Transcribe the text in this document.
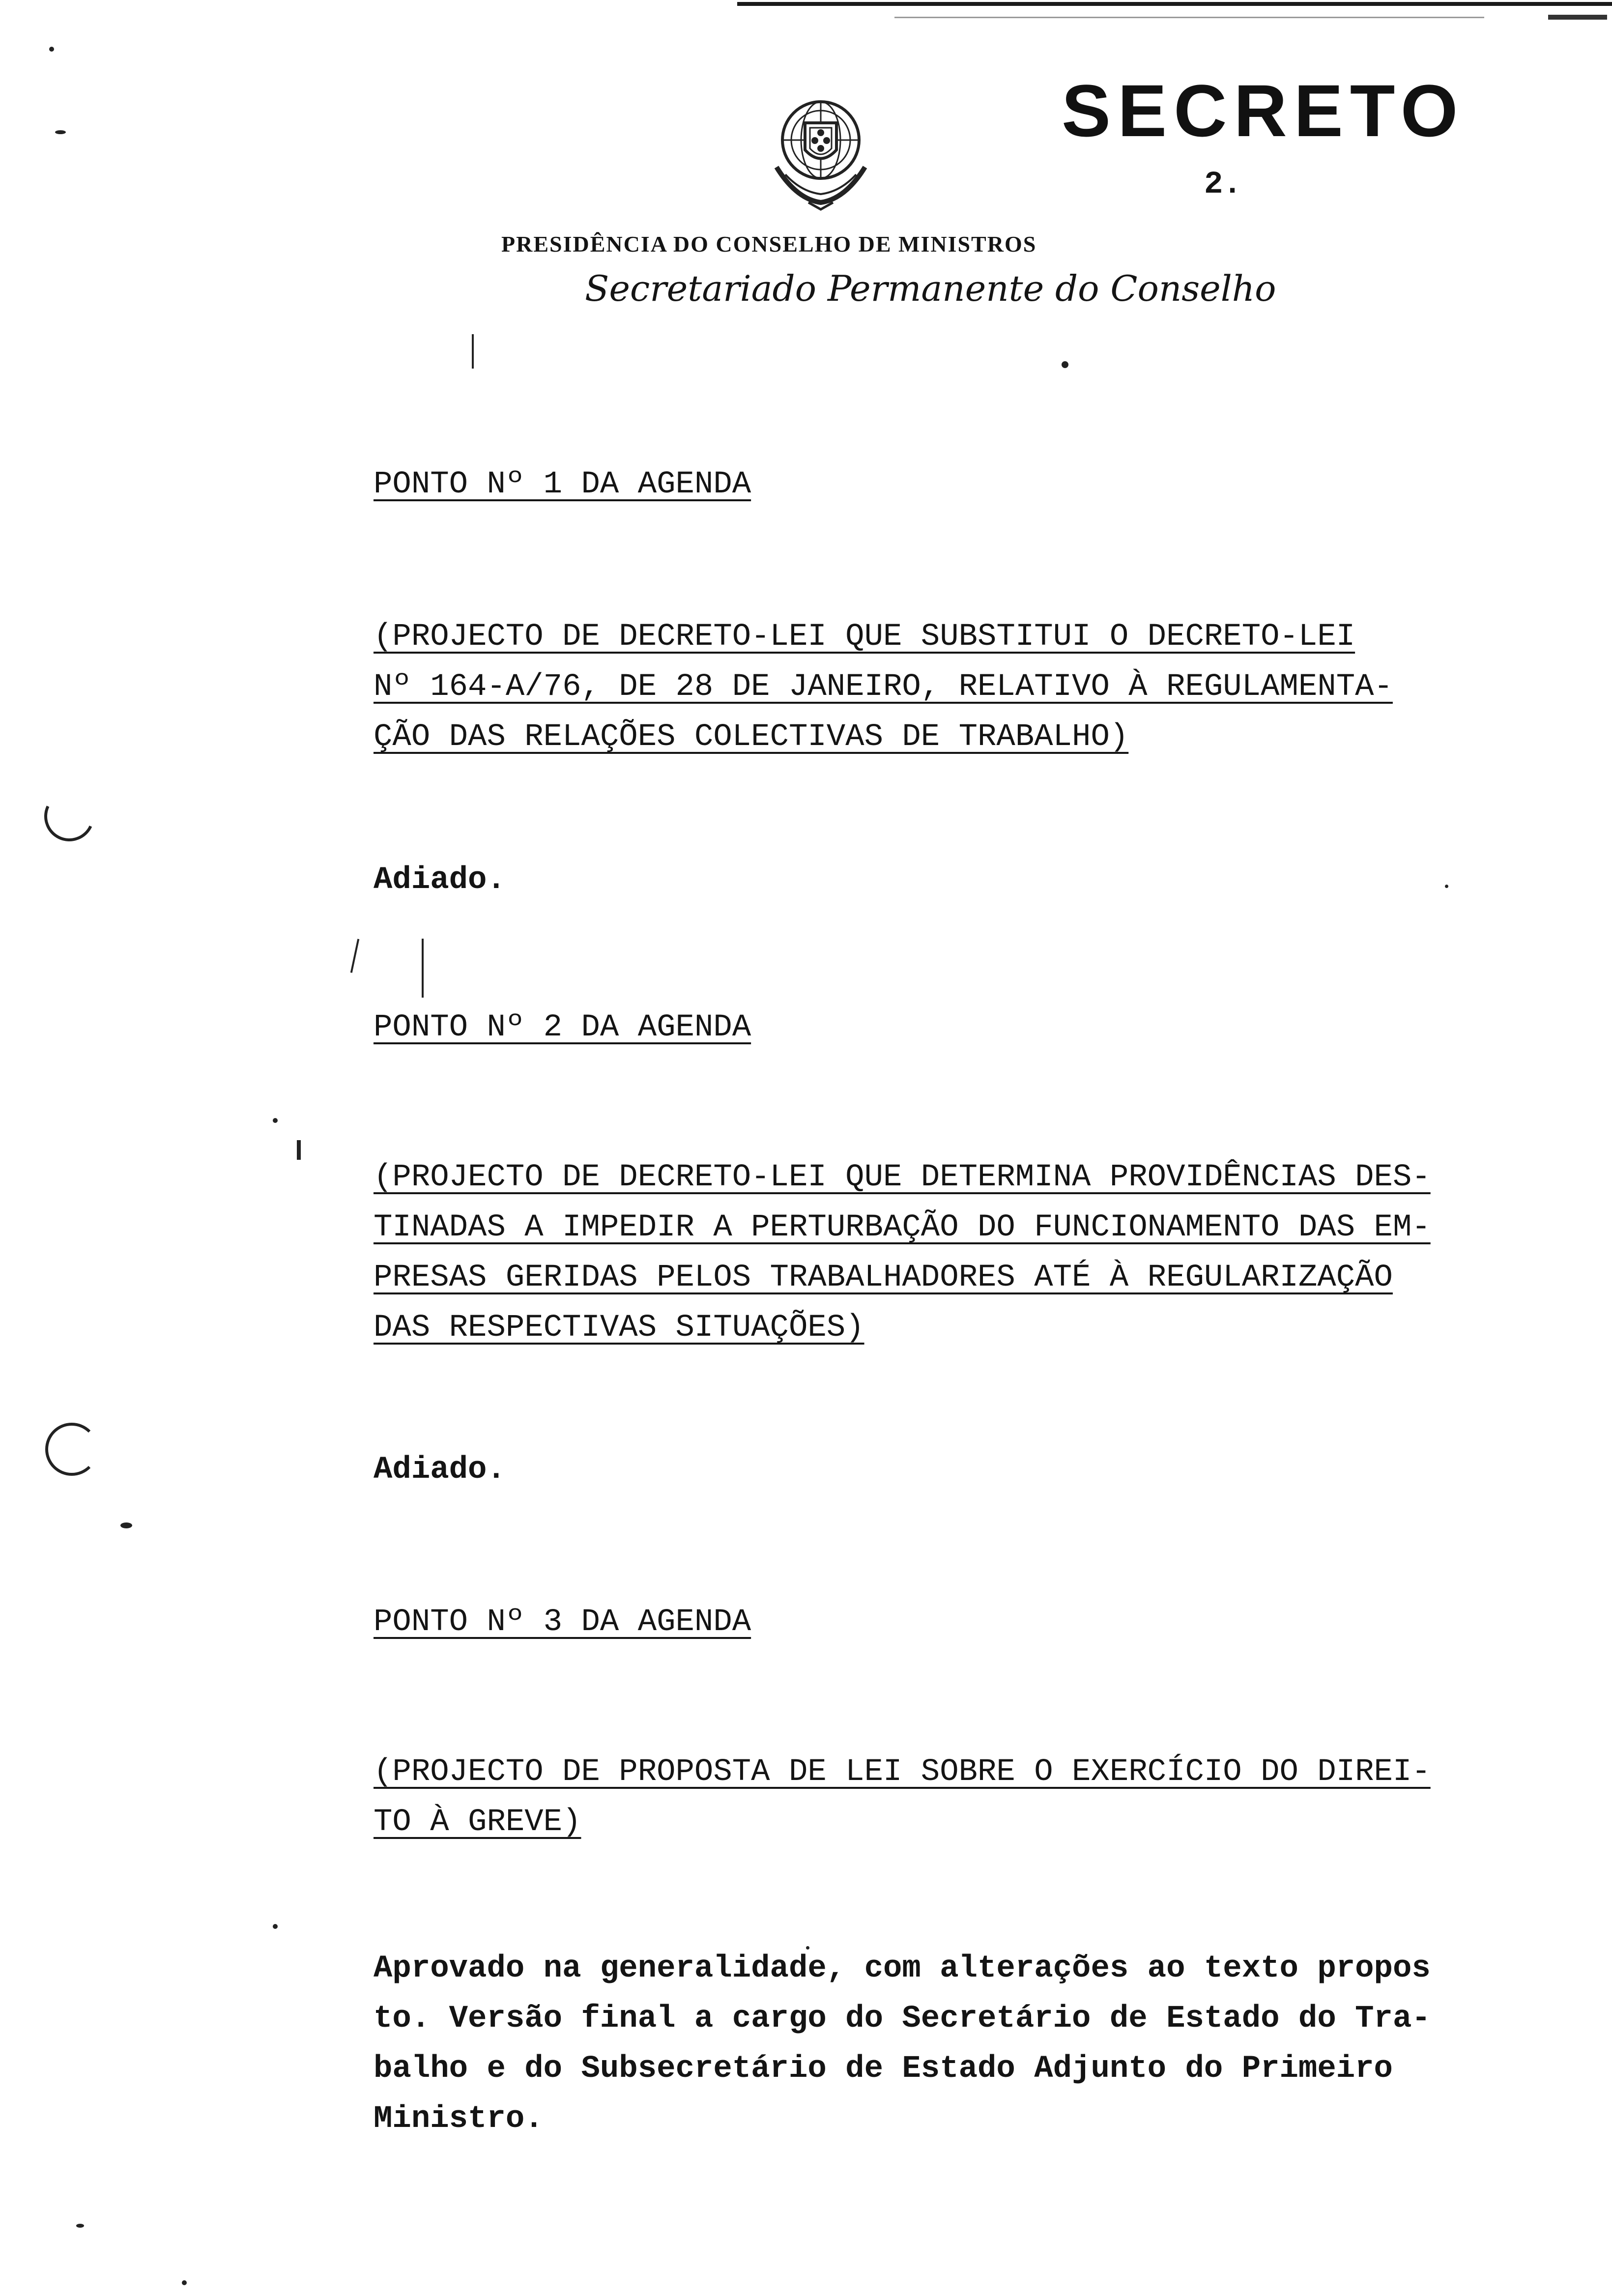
SECRETO
2.
PRESIDÊNCIA DO CONSELHO DE MINISTROS
Secretariado Permanente do Conselho
PONTO Nº 1 DA AGENDA
(PROJECTO DE DECRETO-LEI QUE SUBSTITUI O DECRETO-LEI
Nº 164-A/76, DE 28 DE JANEIRO, RELATIVO À REGULAMENTA-
ÇÃO DAS RELAÇÕES COLECTIVAS DE TRABALHO)
Adiado.
PONTO Nº 2 DA AGENDA
(PROJECTO DE DECRETO-LEI QUE DETERMINA PROVIDÊNCIAS DES-
TINADAS A IMPEDIR A PERTURBAÇÃO DO FUNCIONAMENTO DAS EM-
PRESAS GERIDAS PELOS TRABALHADORES ATÉ À REGULARIZAÇÃO
DAS RESPECTIVAS SITUAÇÕES)
Adiado.
PONTO Nº 3 DA AGENDA
(PROJECTO DE PROPOSTA DE LEI SOBRE O EXERCÍCIO DO DIREI-
TO À GREVE)
Aprovado na generalidade, com alterações ao texto propos
to. Versão final a cargo do Secretário de Estado do Tra-
balho e do Subsecretário de Estado Adjunto do Primeiro
Ministro.
